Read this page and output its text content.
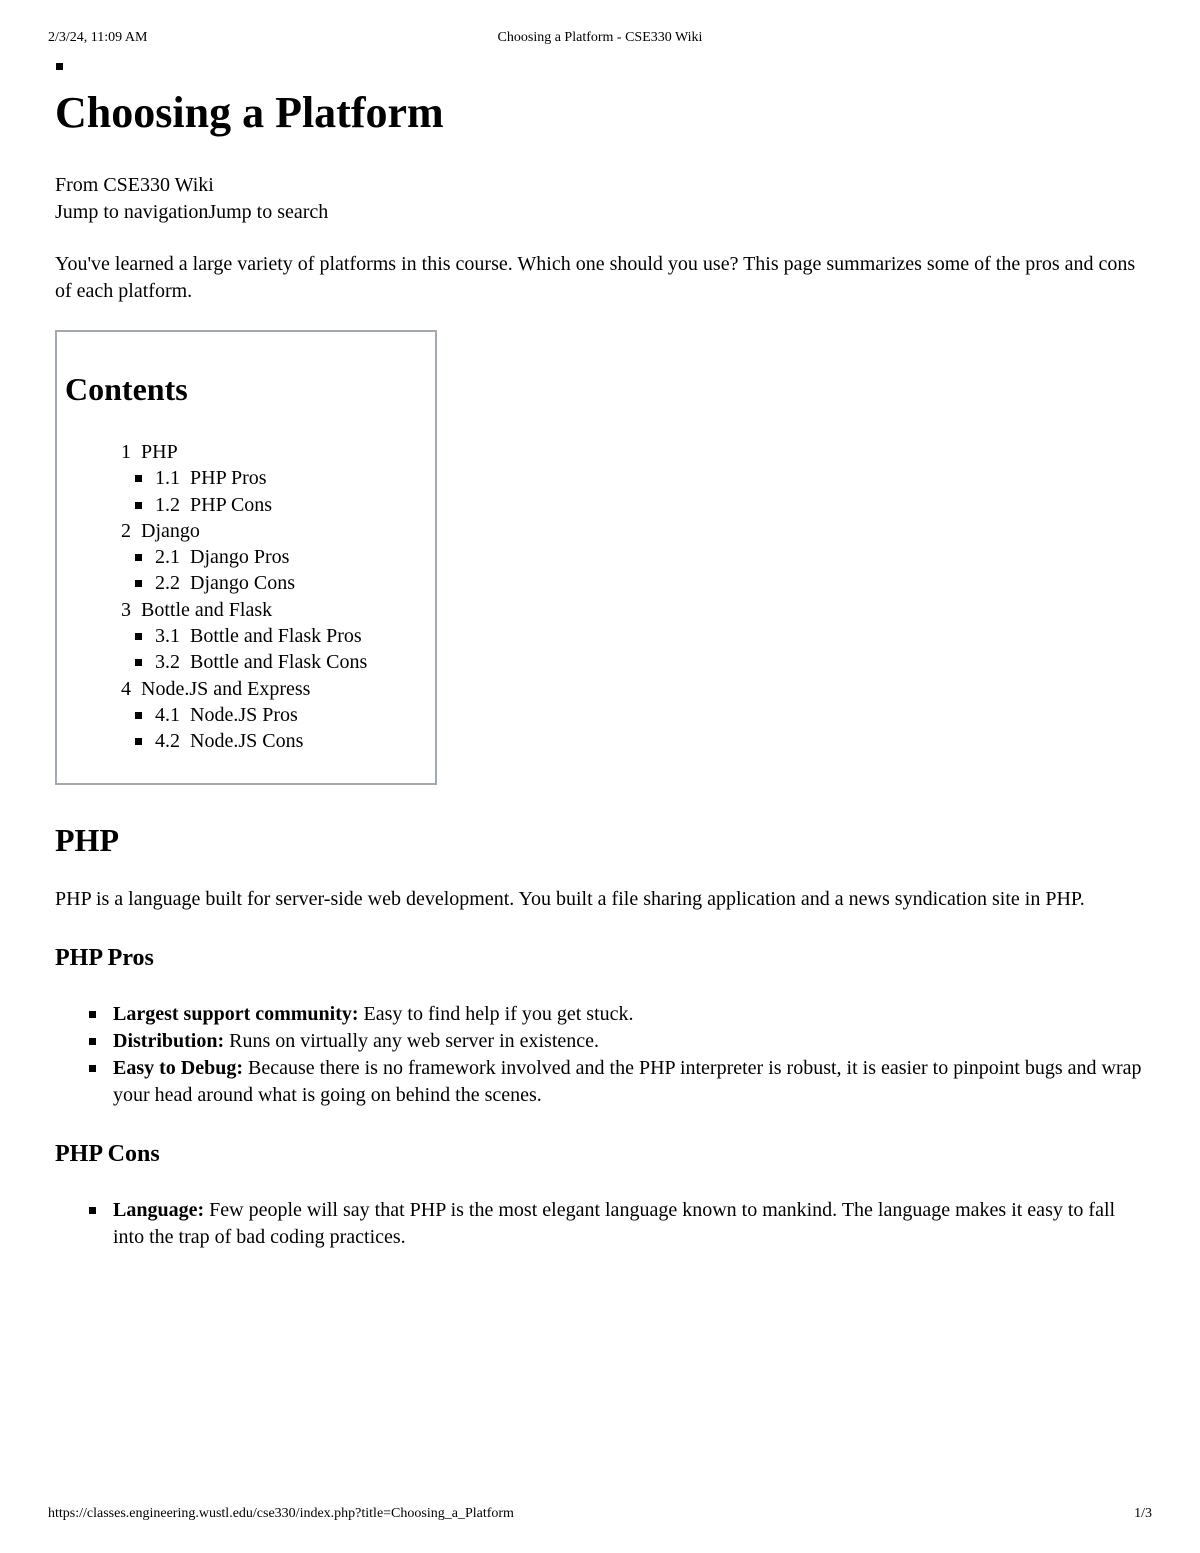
2/3/24, 11:09 AM	Choosing a Platform - CSE330 Wiki
Choosing a Platform
From CSE330 Wiki
Jump to navigationJump to search

You've learned a large variety of platforms in this course. Which one should you use? This page summarizes some of the pros and cons of each platform.

Contents
1 PHP
1.1 PHP Pros
1.2 PHP Cons
2 Django
2.1 Django Pros
2.2 Django Cons
3 Bottle and Flask
3.1 Bottle and Flask Pros
3.2 Bottle and Flask Cons
4 Node.JS and Express
4.1 Node.JS Pros
4.2 Node.JS Cons
PHP

PHP is a language built for server-side web development. You built a file sharing application and a news syndication site in PHP.

PHP Pros
Largest support community: Easy to find help if you get stuck.
Distribution: Runs on virtually any web server in existence.
Easy to Debug: Because there is no framework involved and the PHP interpreter is robust, it is easier to pinpoint bugs and wrap your head around what is going on behind the scenes.
PHP Cons
Language: Few people will say that PHP is the most elegant language known to mankind. The language makes it easy to fall into the trap of bad coding practices.
https://classes.engineering.wustl.edu/cse330/index.php?title=Choosing_a_Platform	1/3
